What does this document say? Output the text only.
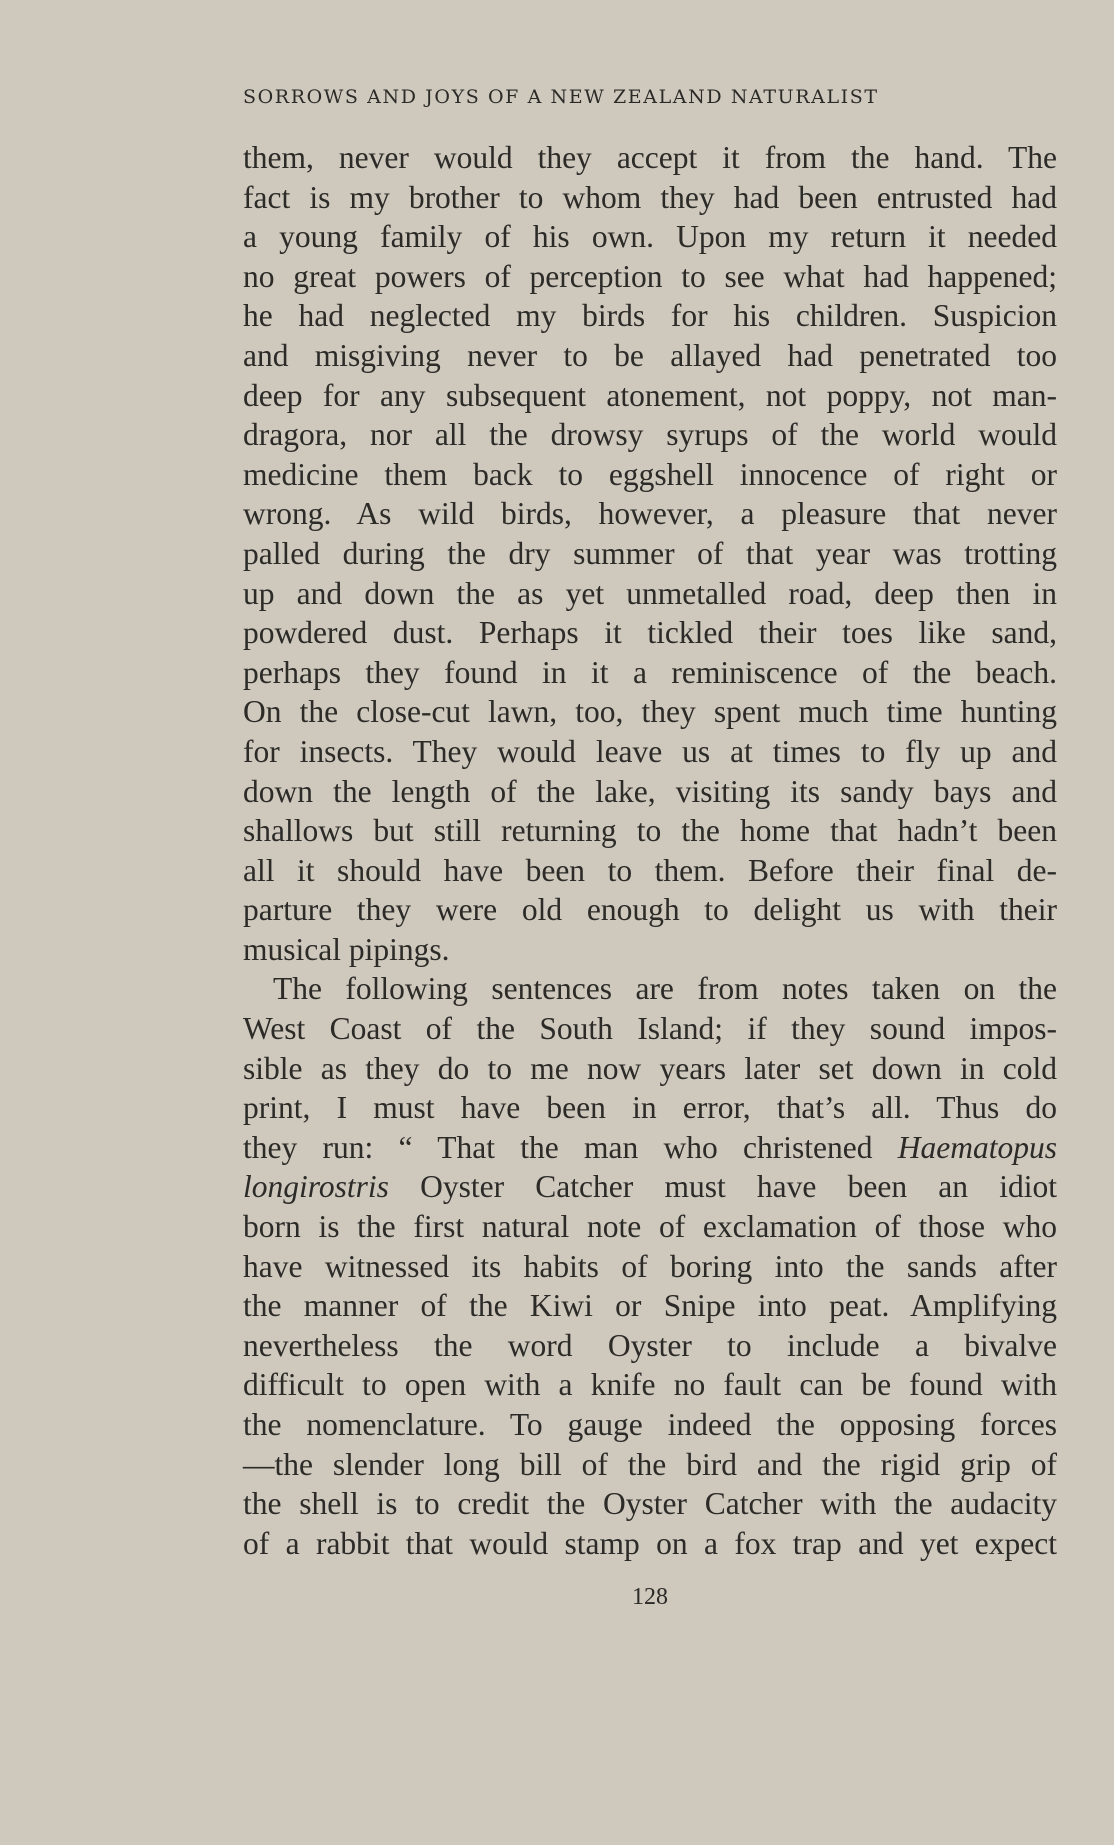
SORROWS AND JOYS OF A NEW ZEALAND NATURALIST
them, never would they accept it from the hand. The
fact is my brother to whom they had been entrusted had
a young family of his own. Upon my return it needed
no great powers of perception to see what had happened;
he had neglected my birds for his children. Suspicion
and misgiving never to be allayed had penetrated too
deep for any subsequent atonement, not poppy, not man-
dragora, nor all the drowsy syrups of the world would
medicine them back to eggshell innocence of right or
wrong. As wild birds, however, a pleasure that never
palled during the dry summer of that year was trotting
up and down the as yet unmetalled road, deep then in
powdered dust. Perhaps it tickled their toes like sand,
perhaps they found in it a reminiscence of the beach.
On the close-cut lawn, too, they spent much time hunting
for insects. They would leave us at times to fly up and
down the length of the lake, visiting its sandy bays and
shallows but still returning to the home that hadn’t been
all it should have been to them. Before their final de-
parture they were old enough to delight us with their
musical pipings.
The following sentences are from notes taken on the
West Coast of the South Island; if they sound impos-
sible as they do to me now years later set down in cold
print, I must have been in error, that’s all. Thus do
they run: “ That the man who christened Haematopus
longirostris Oyster Catcher must have been an idiot
born is the first natural note of exclamation of those who
have witnessed its habits of boring into the sands after
the manner of the Kiwi or Snipe into peat. Amplifying
nevertheless the word Oyster to include a bivalve
difficult to open with a knife no fault can be found with
the nomenclature. To gauge indeed the opposing forces
—the slender long bill of the bird and the rigid grip of
the shell is to credit the Oyster Catcher with the audacity
of a rabbit that would stamp on a fox trap and yet expect
128
